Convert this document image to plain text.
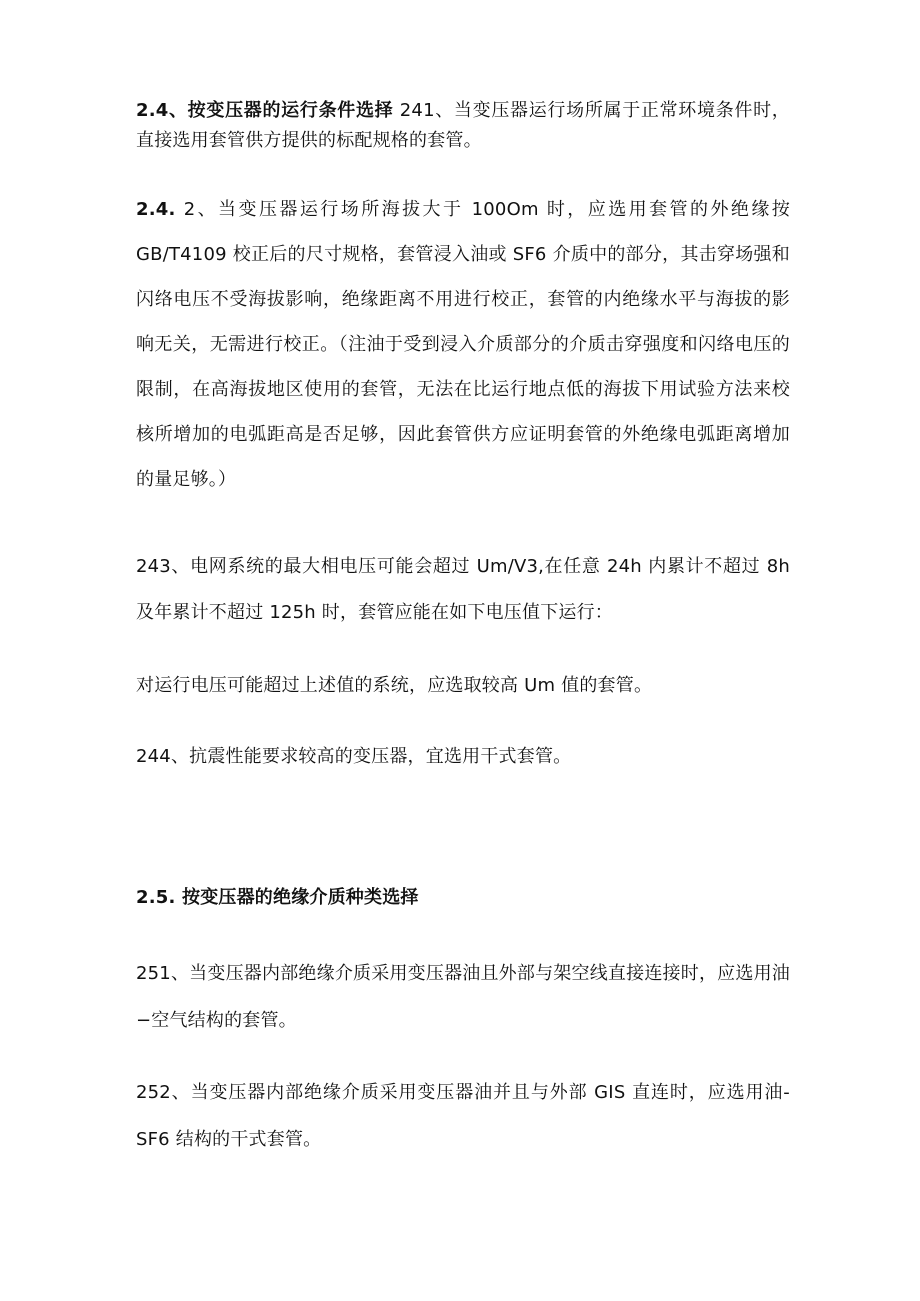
2.4、按变压器的运行条件选择 241、当变压器运行场所属于正常环境条件时，直接选用套管供方提供的标配规格的套管。

2.4. 2、当变压器运行场所海拔大于 100Om 时，应选用套管的外绝缘按 GB/T4109 校正后的尺寸规格，套管浸入油或 SF6 介质中的部分，其击穿场强和闪络电压不受海拔影响，绝缘距离不用进行校正，套管的内绝缘水平与海拔的影响无关，无需进行校正。（注油于受到浸入介质部分的介质击穿强度和闪络电压的限制，在高海拔地区使用的套管，无法在比运行地点低的海拔下用试验方法来校核所增加的电弧距高是否足够，因此套管供方应证明套管的外绝缘电弧距离增加的量足够。）

243、电网系统的最大相电压可能会超过 Um/V3,在任意 24h 内累计不超过 8h 及年累计不超过 125h 时，套管应能在如下电压值下运行：

对运行电压可能超过上述值的系统，应选取较高 Um 值的套管。

244、抗震性能要求较高的变压器，宜选用干式套管。

2.5. 按变压器的绝缘介质种类选择

251、当变压器内部绝缘介质采用变压器油且外部与架空线直接连接时，应选用油−空气结构的套管。

252、当变压器内部绝缘介质采用变压器油并且与外部 GIS 直连时，应选用油-SF6 结构的干式套管。
